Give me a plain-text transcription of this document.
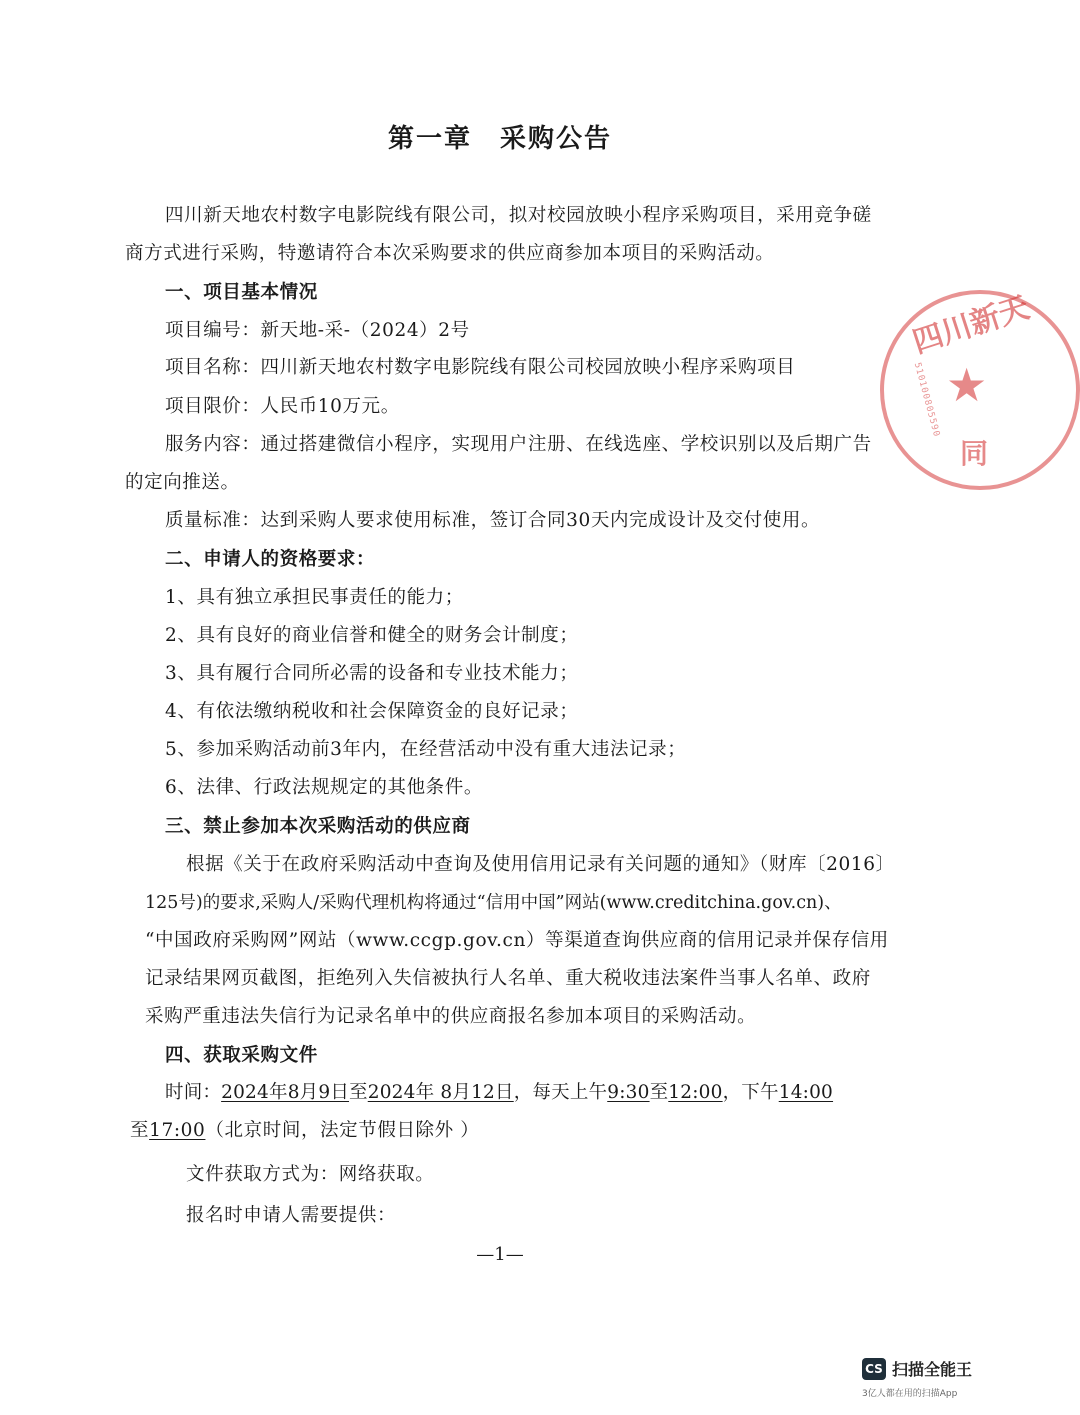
第一章　采购公告
四川新天地农村数字电影院线有限公司，拟对校园放映小程序采购项目，采用竞争磋
商方式进行采购，特邀请符合本次采购要求的供应商参加本项目的采购活动。
一、项目基本情况
项目编号：新天地-采-（2024）2号
项目名称：四川新天地农村数字电影院线有限公司校园放映小程序采购项目
项目限价：人民币10万元。
服务内容：通过搭建微信小程序，实现用户注册、在线选座、学校识别以及后期广告
的定向推送。
质量标准：达到采购人要求使用标准，签订合同30天内完成设计及交付使用。
二、申请人的资格要求：
1、具有独立承担民事责任的能力；
2、具有良好的商业信誉和健全的财务会计制度；
3、具有履行合同所必需的设备和专业技术能力；
4、有依法缴纳税收和社会保障资金的良好记录；
5、参加采购活动前3年内，在经营活动中没有重大违法记录；
6、法律、行政法规规定的其他条件。
三、禁止参加本次采购活动的供应商
根据《关于在政府采购活动中查询及使用信用记录有关问题的通知》（财库〔2016〕
125号)的要求,采购人/采购代理机构将通过“信用中国”网站(www.creditchina.gov.cn)、
“中国政府采购网”网站（www.ccgp.gov.cn）等渠道查询供应商的信用记录并保存信用
记录结果网页截图，拒绝列入失信被执行人名单、重大税收违法案件当事人名单、政府
采购严重违法失信行为记录名单中的供应商报名参加本项目的采购活动。
四、获取采购文件
时间：2024年8月9日至2024年 8月12日，每天上午9:30至12:00，下午14:00
至17:00（北京时间，法定节假日除外 ）
文件获取方式为：网络获取。
报名时申请人需要提供：
—1—
四川新天
★
510100805590
同
CS 扫描全能王
3亿人都在用的扫描App
